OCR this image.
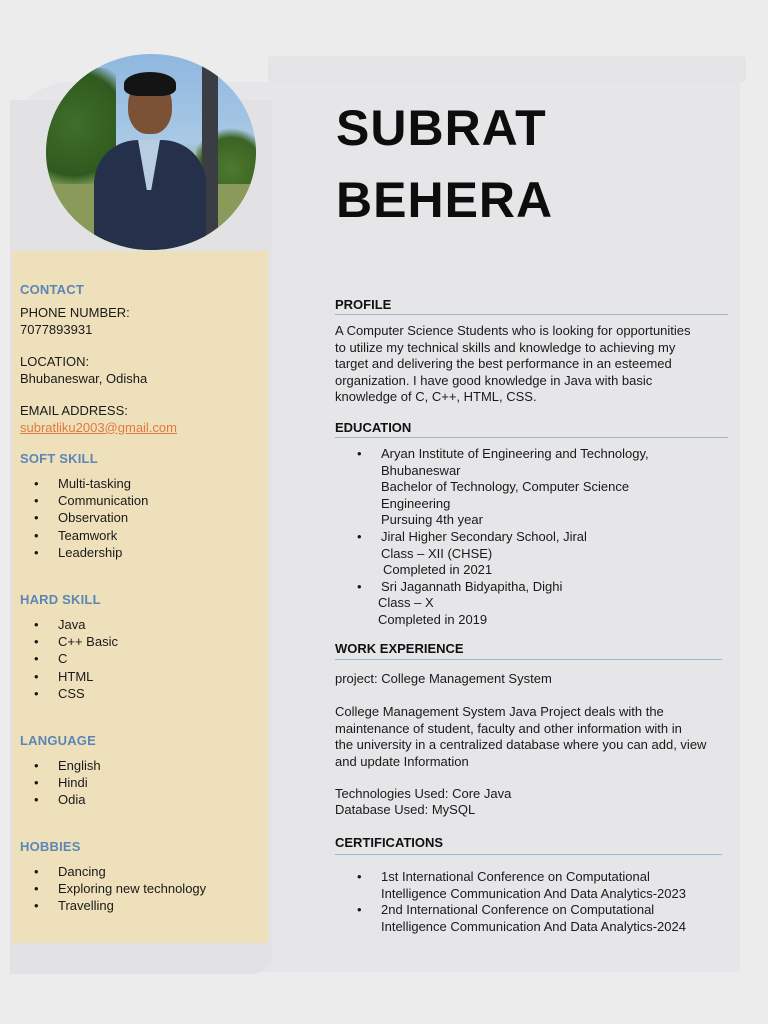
SUBRAT
BEHERA
CONTACT
PHONE NUMBER:
7077893931
LOCATION:
Bhubaneswar, Odisha
EMAIL ADDRESS:
subratliku2003@gmail.com
SOFT SKILL
• Multi-tasking
• Communication
• Observation
• Teamwork
• Leadership
HARD SKILL
• Java
• C++ Basic
• C
• HTML
• CSS
LANGUAGE
• English
• Hindi
• Odia
HOBBIES
• Dancing
• Exploring new technology
• Travelling
PROFILE
A Computer Science Students who is looking for opportunities
to utilize my technical skills and knowledge to achieving my
target and delivering the best performance in an esteemed
organization. I have good knowledge in Java with basic
knowledge of C, C++, HTML, CSS.
EDUCATION
• Aryan Institute of Engineering and Technology,
Bhubaneswar
Bachelor of Technology, Computer Science
Engineering
Pursuing 4th year
• Jiral Higher Secondary School, Jiral
Class – XII (CHSE)
Completed in 2021
• Sri Jagannath Bidyapitha, Dighi
Class – X
Completed in 2019
WORK EXPERIENCE
project: College Management System
College Management System Java Project deals with the
maintenance of student, faculty and other information with in
the university in a centralized database where you can add, view
and update Information
Technologies Used: Core Java
Database Used: MySQL
CERTIFICATIONS
• 1st International Conference on Computational
Intelligence Communication And Data Analytics-2023
• 2nd International Conference on Computational
Intelligence Communication And Data Analytics-2024
